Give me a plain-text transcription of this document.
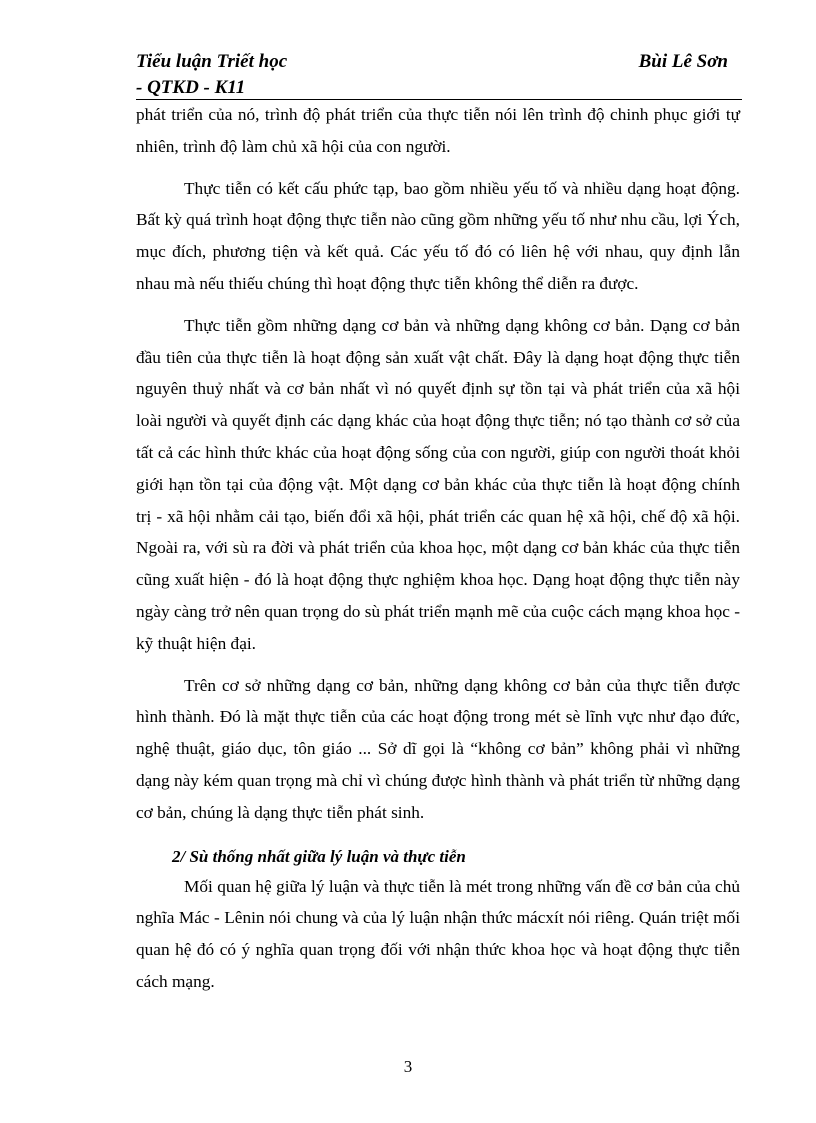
Tiểu luận Triết học	Bùi Lê Sơn
- QTKD - K11

phát triển của nó, trình độ phát triển của thực tiễn nói lên trình độ chinh phục giới tự nhiên, trình độ làm chủ xã hội của con người.

Thực tiễn có kết cấu phức tạp, bao gồm nhiều yếu tố và nhiều dạng hoạt động. Bất kỳ quá trình hoạt động thực tiễn nào cũng gồm những yếu tố như nhu cầu, lợi Ých, mục đích, phương tiện và kết quả. Các yếu tố đó có liên hệ với nhau, quy định lẫn nhau mà nếu thiếu chúng thì hoạt động thực tiễn không thể diễn ra được.

Thực tiễn gồm những dạng cơ bản và những dạng không cơ bản. Dạng cơ bản đầu tiên của thực tiễn là hoạt động sản xuất vật chất. Đây là dạng hoạt động thực tiễn nguyên thuỷ nhất và cơ bản nhất vì nó quyết định sự tồn tại và phát triển của xã hội loài người và quyết định các dạng khác của hoạt động thực tiễn; nó tạo thành cơ sở của tất cả các hình thức khác của hoạt động sống của con người, giúp con người thoát khỏi giới hạn tồn tại của động vật. Một dạng cơ bản khác của thực tiễn là hoạt động chính trị - xã hội nhằm cải tạo, biến đổi xã hội, phát triển các quan hệ xã hội, chế độ xã hội. Ngoài ra, với sù ra đời và phát triển của khoa học, một dạng cơ bản khác của thực tiễn cũng xuất hiện - đó là hoạt động thực nghiệm khoa học. Dạng hoạt động thực tiễn này ngày càng trở nên quan trọng do sù phát triển mạnh mẽ của cuộc cách mạng khoa học - kỹ thuật hiện đại.

Trên cơ sở những dạng cơ bản, những dạng không cơ bản của thực tiễn được hình thành. Đó là mặt thực tiễn của các hoạt động trong mét sè lĩnh vực như đạo đức, nghệ thuật, giáo dục, tôn giáo ... Sở dĩ gọi là “không cơ bản” không phải vì những dạng này kém quan trọng mà chỉ vì chúng được hình thành và phát triển từ những dạng cơ bản, chúng là dạng thực tiễn phát sinh.

2/ Sù thống nhất giữa lý luận và thực tiễn

Mối quan hệ giữa lý luận và thực tiễn là mét trong những vấn đề cơ bản của chủ nghĩa Mác - Lênin nói chung và của lý luận nhận thức mácxít nói riêng. Quán triệt mối quan hệ đó có ý nghĩa quan trọng đối với nhận thức khoa học và hoạt động thực tiễn cách mạng.

3
